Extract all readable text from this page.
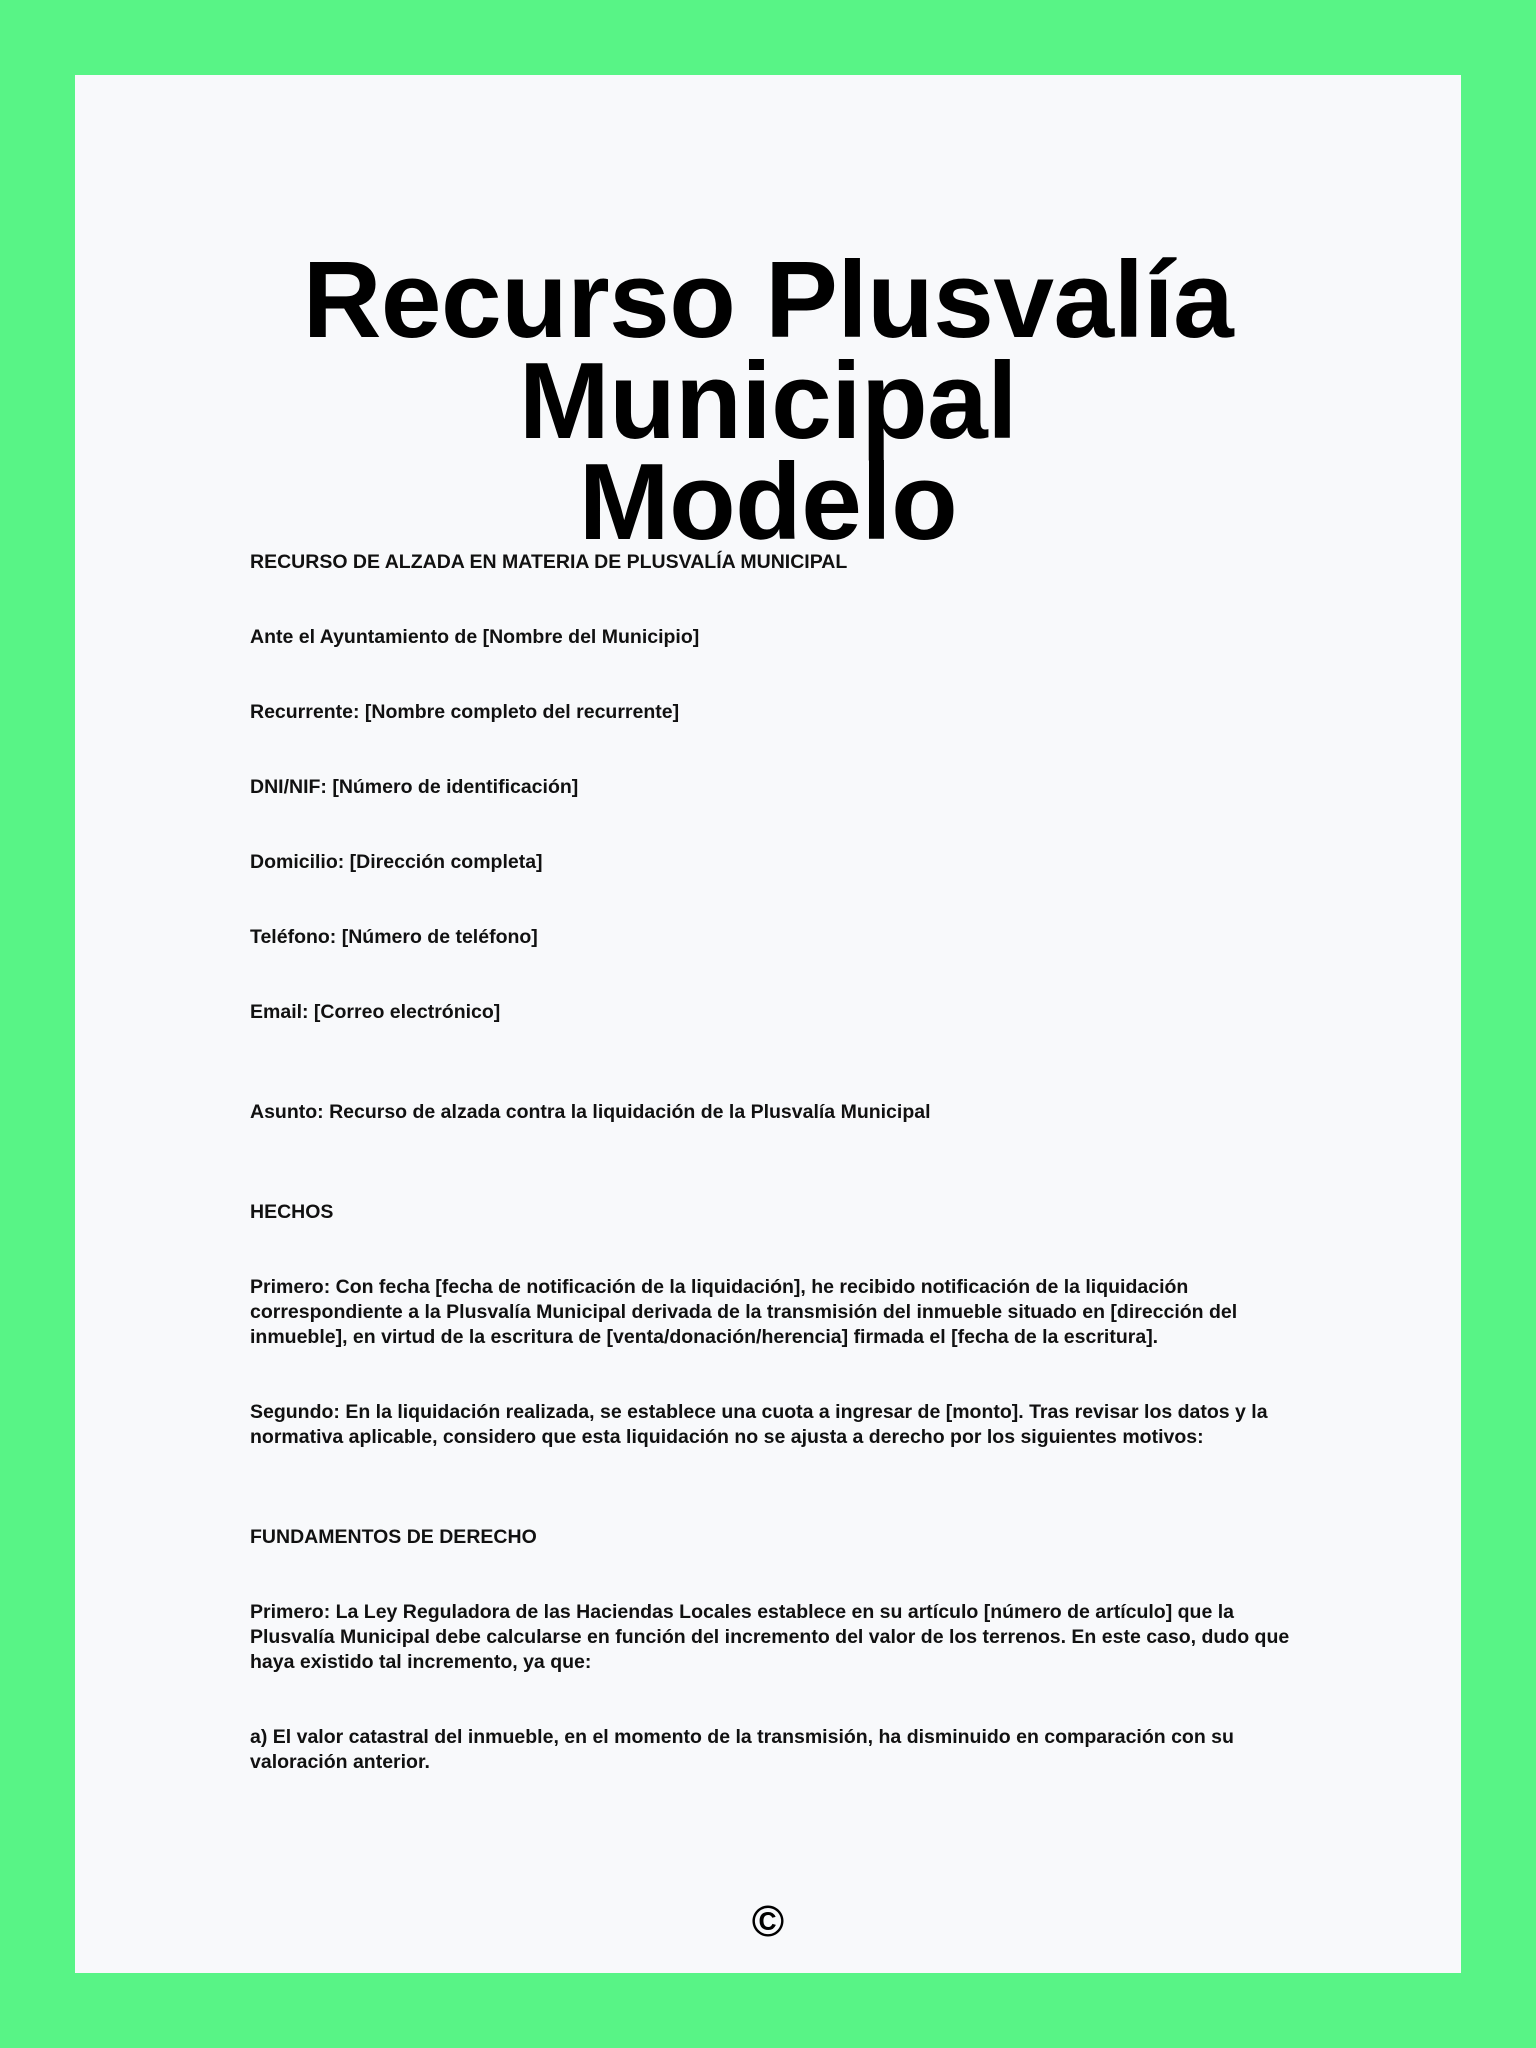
Recurso Plusvalía Municipal
Modelo

RECURSO DE ALZADA EN MATERIA DE PLUSVALÍA MUNICIPAL

Ante el Ayuntamiento de [Nombre del Municipio]

Recurrente: [Nombre completo del recurrente]

DNI/NIF: [Número de identificación]

Domicilio: [Dirección completa]

Teléfono: [Número de teléfono]

Email: [Correo electrónico]

Asunto: Recurso de alzada contra la liquidación de la Plusvalía Municipal

HECHOS

Primero: Con fecha [fecha de notificación de la liquidación], he recibido notificación de la liquidación correspondiente a la Plusvalía Municipal derivada de la transmisión del inmueble situado en [dirección del inmueble], en virtud de la escritura de [venta/donación/herencia] firmada el [fecha de la escritura].

Segundo: En la liquidación realizada, se establece una cuota a ingresar de [monto]. Tras revisar los datos y la normativa aplicable, considero que esta liquidación no se ajusta a derecho por los siguientes motivos:

FUNDAMENTOS DE DERECHO

Primero: La Ley Reguladora de las Haciendas Locales establece en su artículo [número de artículo] que la Plusvalía Municipal debe calcularse en función del incremento del valor de los terrenos. En este caso, dudo que haya existido tal incremento, ya que:

a) El valor catastral del inmueble, en el momento de la transmisión, ha disminuido en comparación con su valoración anterior.

©
